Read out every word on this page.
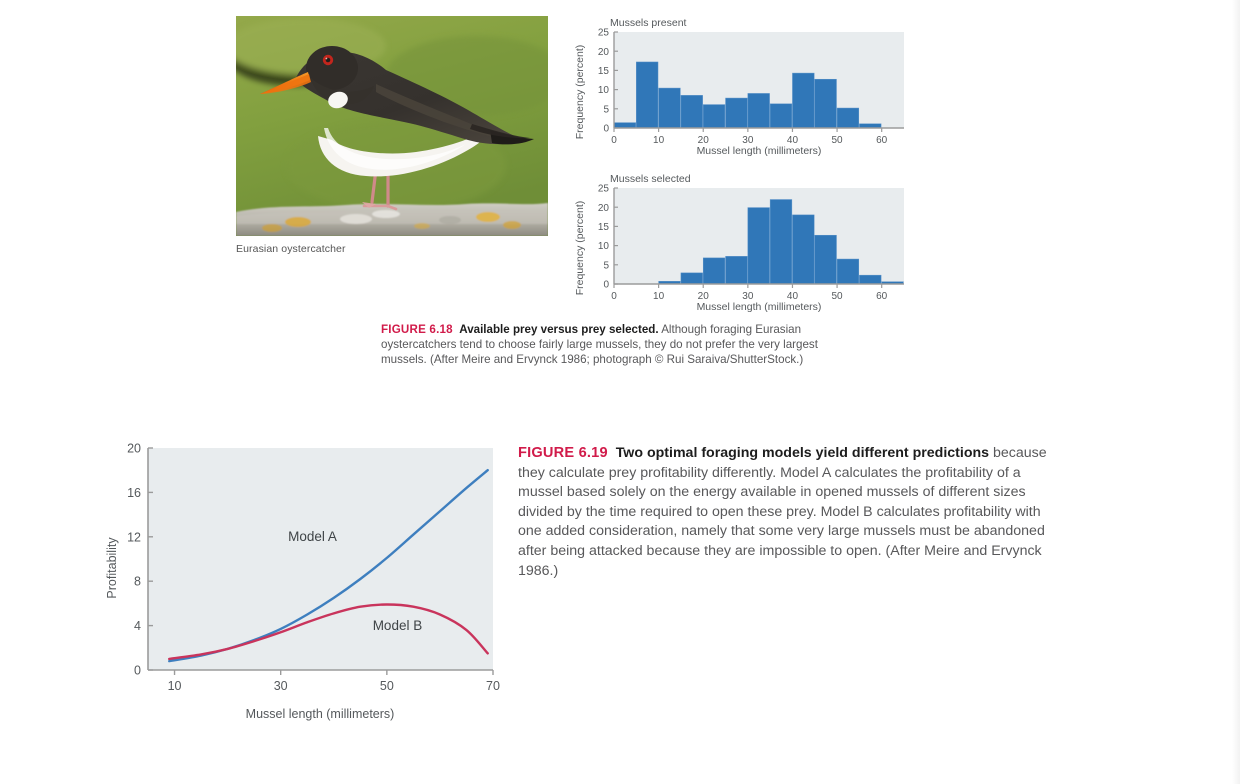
Eurasian oystercatcher
Mussels present
Frequency (percent) 0
5
10
15
20
25
0	10	20	30	40	50	60
Mussel length (millimeters)
Mussels selected
Frequency (percent) 0
5
10
15
20
25
0	10	20	30	40	50	60
Mussel length (millimeters)
FIGURE 6.18 Available prey versus prey selected. Although foraging Eurasian oystercatchers tend to choose fairly large mussels, they do not prefer the very largest mussels. (After Meire and Ervynck 1986; photograph © Rui Saraiva/ShutterStock.)
Profitability
0
4
8
12
16
20
10	30	50	70
Model A
Model B
Mussel length (millimeters)
FIGURE 6.19 Two optimal foraging models yield different predictions because they calculate prey profitability differently. Model A calculates the profitability of a mussel based solely on the energy available in opened mussels of different sizes divided by the time required to open these prey. Model B calculates profitability with one added consideration, namely that some very large mussels must be abandoned after being attacked because they are impossible to open. (After Meire and Ervynck 1986.)
